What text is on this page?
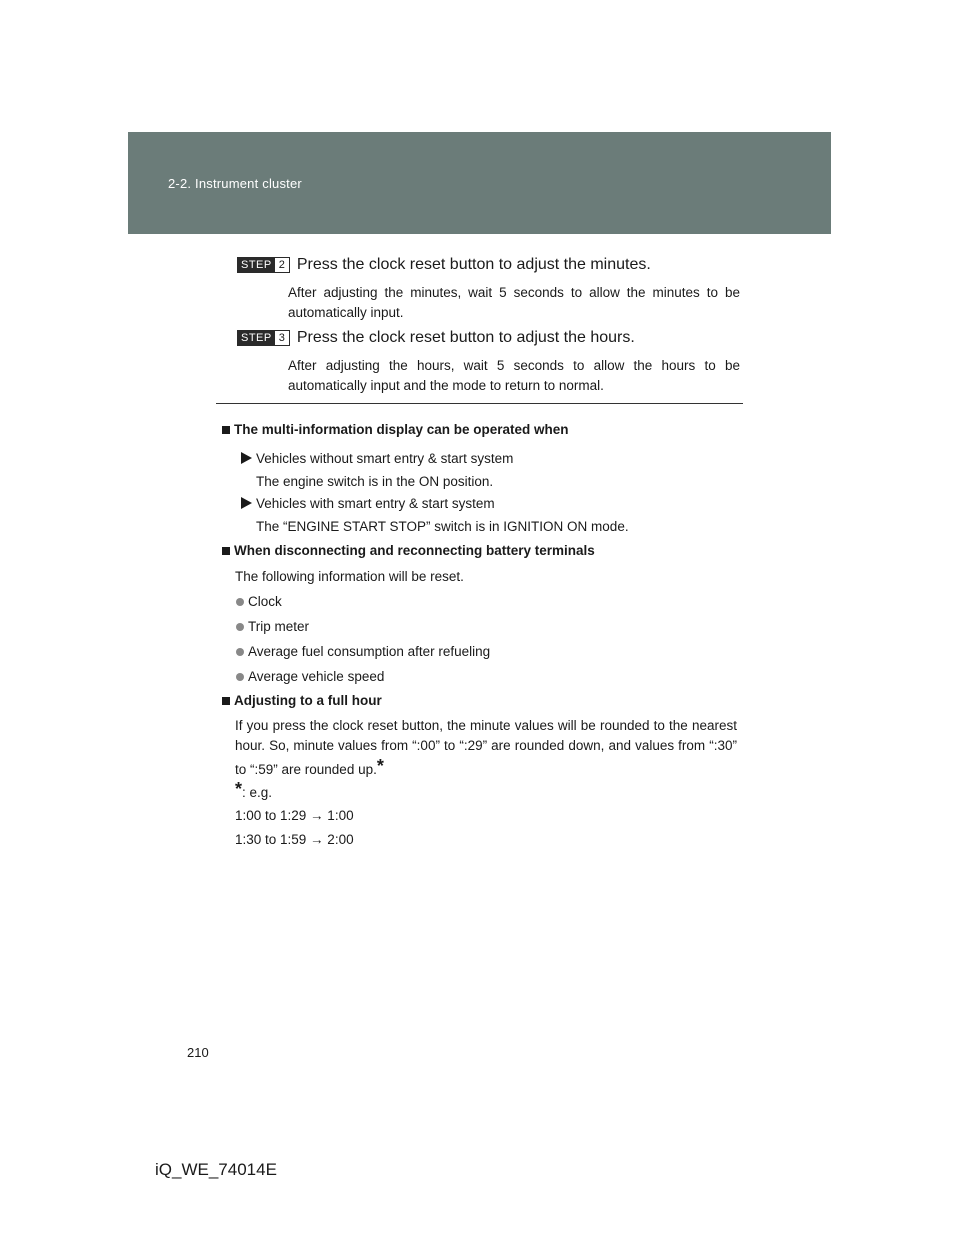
2-2. Instrument cluster
STEP 2 Press the clock reset button to adjust the minutes.
After adjusting the minutes, wait 5 seconds to allow the minutes to be automatically input.
STEP 3 Press the clock reset button to adjust the hours.
After adjusting the hours, wait 5 seconds to allow the hours to be automatically input and the mode to return to normal.
The multi-information display can be operated when
Vehicles without smart entry & start system
The engine switch is in the ON position.
Vehicles with smart entry & start system
The “ENGINE START STOP” switch is in IGNITION ON mode.
When disconnecting and reconnecting battery terminals
The following information will be reset.
Clock
Trip meter
Average fuel consumption after refueling
Average vehicle speed
Adjusting to a full hour
If you press the clock reset button, the minute values will be rounded to the nearest hour. So, minute values from “:00” to “:29” are rounded down, and values from “:30” to “:59” are rounded up.*
*: e.g.
1:00 to 1:29 → 1:00
1:30 to 1:59 → 2:00
210
iQ_WE_74014E
